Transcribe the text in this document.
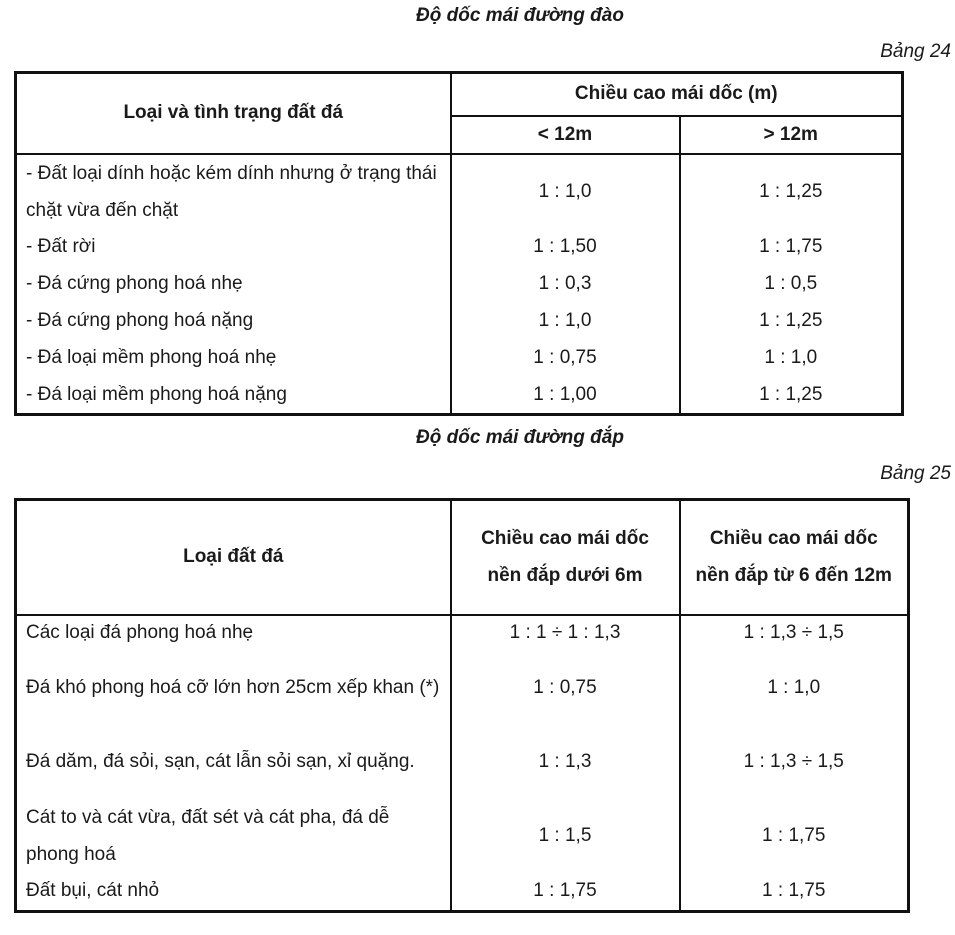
Độ dốc mái đường đào
Bảng 24
Loại và tình trạng đất đá	Chiều cao mái dốc (m)	
	< 12m	> 12m
- Đất loại dính hoặc kém dính nhưng ở trạng thái chặt vừa đến chặt	1 : 1,0	1 : 1,25
- Đất rời	1 : 1,50	1 : 1,75
- Đá cứng phong hoá nhẹ	1 : 0,3	1 : 0,5
- Đá cứng phong hoá nặng	1 : 1,0	1 : 1,25
- Đá loại mềm phong hoá nhẹ	1 : 0,75	1 : 1,0
- Đá loại mềm phong hoá nặng	1 : 1,00	1 : 1,25
Độ dốc mái đường đắp
Bảng 25
Loại đất đá	Chiều cao mái dốc nền đắp dưới 6m	Chiều cao mái dốc nền đắp từ 6 đến 12m
Các loại đá phong hoá nhẹ	1 : 1 ÷ 1 : 1,3	1 : 1,3 ÷ 1,5
Đá khó phong hoá cỡ lớn hơn 25cm xếp khan (*)	1 : 0,75	1 : 1,0
Đá dăm, đá sỏi, sạn, cát lẫn sỏi sạn, xỉ quặng.	1 : 1,3	1 : 1,3 ÷ 1,5
Cát to và cát vừa, đất sét và cát pha, đá dễ phong hoá	1 : 1,5	1 : 1,75
Đất bụi, cát nhỏ	1 : 1,75	1 : 1,75
